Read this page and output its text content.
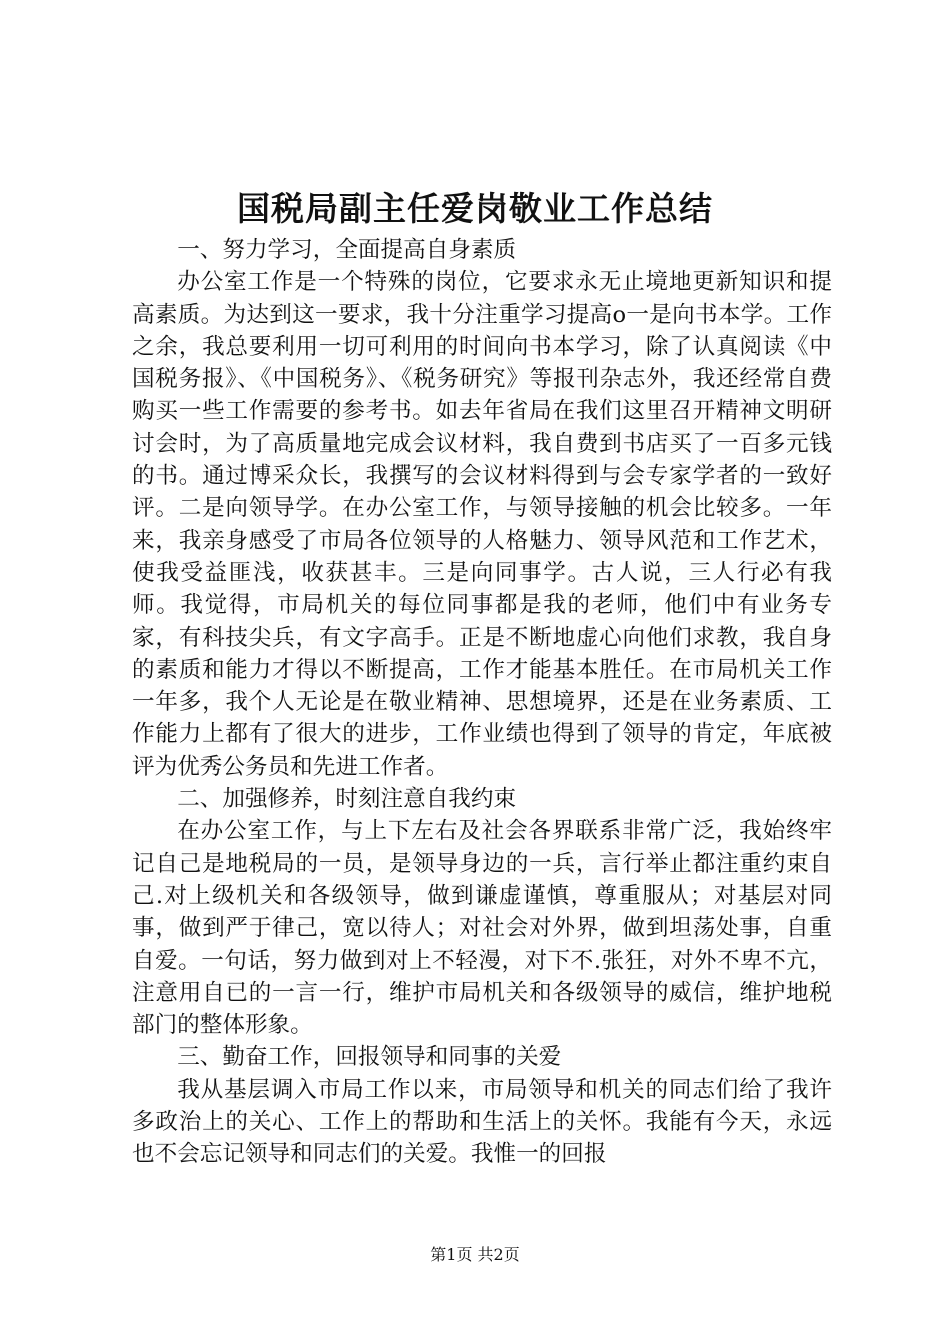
国税局副主任爱岗敬业工作总结

一、努力学习，全面提高自身素质

办公室工作是一个特殊的岗位，它要求永无止境地更新知识和提高素质。为达到这一要求，我十分注重学习提高ο一是向书本学。工作之余，我总要利用一切可利用的时间向书本学习，除了认真阅读《中国税务报》、《中国税务》、《税务研究》等报刊杂志外，我还经常自费购买一些工作需要的参考书。如去年省局在我们这里召开精神文明研讨会时，为了高质量地完成会议材料，我自费到书店买了一百多元钱的书。通过博采众长，我撰写的会议材料得到与会专家学者的一致好评。二是向领导学。在办公室工作，与领导接触的机会比较多。一年来，我亲身感受了市局各位领导的人格魅力、领导风范和工作艺术，使我受益匪浅，收获甚丰。三是向同事学。古人说，三人行必有我师。我觉得，市局机关的每位同事都是我的老师，他们中有业务专家，有科技尖兵，有文字高手。正是不断地虚心向他们求教，我自身的素质和能力才得以不断提高，工作才能基本胜任。在市局机关工作一年多，我个人无论是在敬业精神、思想境界，还是在业务素质、工作能力上都有了很大的进步，工作业绩也得到了领导的肯定，年底被评为优秀公务员和先进工作者。

二、加强修养，时刻注意自我约束

在办公室工作，与上下左右及社会各界联系非常广泛，我始终牢记自己是地税局的一员，是领导身边的一兵，言行举止都注重约束自己.对上级机关和各级领导，做到谦虚谨慎，尊重服从；对基层对同事，做到严于律己，宽以待人；对社会对外界，做到坦荡处事，自重自爱。一句话，努力做到对上不轻漫，对下不.张狂，对外不卑不亢，注意用自已的一言一行，维护市局机关和各级领导的威信，维护地税部门的整体形象。

三、勤奋工作，回报领导和同事的关爱

我从基层调入市局工作以来，市局领导和机关的同志们给了我许多政治上的关心、工作上的帮助和生活上的关怀。我能有今天，永远也不会忘记领导和同志们的关爱。我惟一的回报

第1页 共2页
